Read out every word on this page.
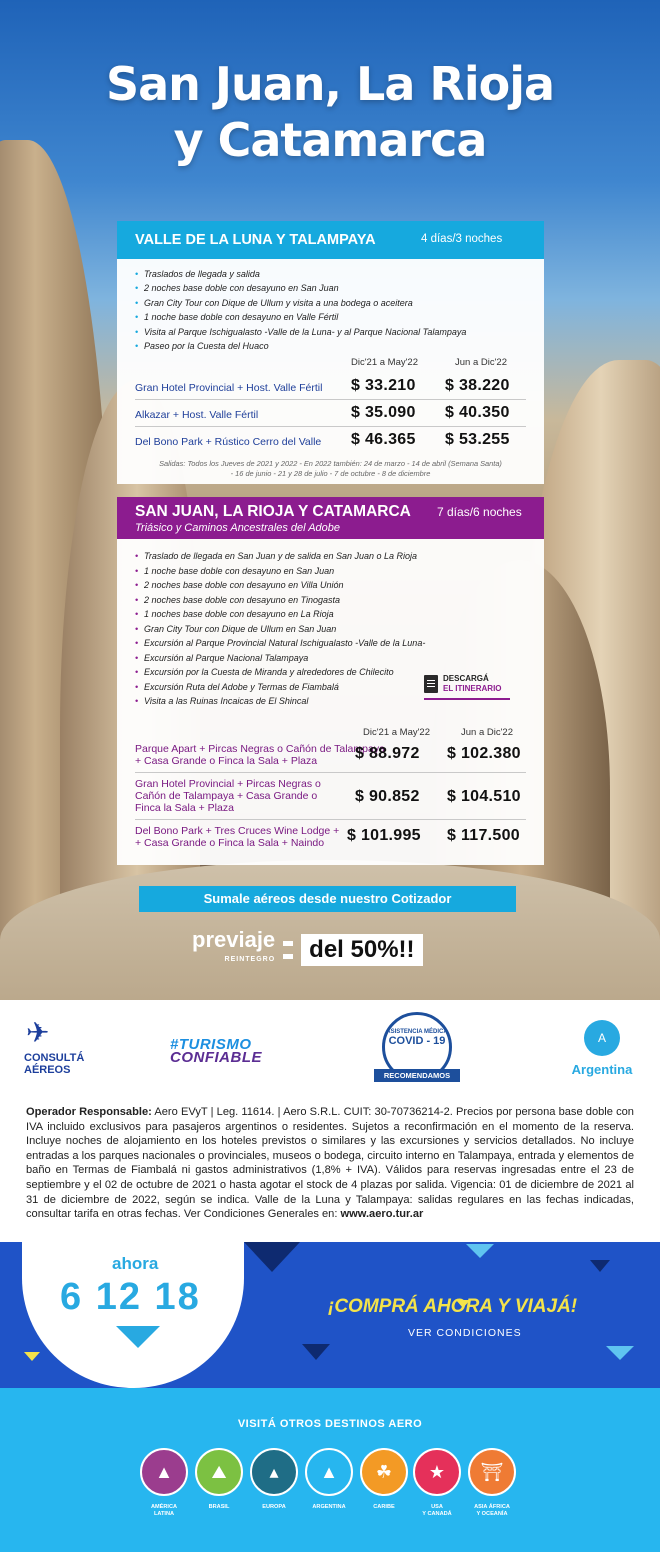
San Juan, La Rioja
y Catamarca
VALLE DE LA LUNA Y TALAMPAYA	4 días/3 noches
• Traslados de llegada y salida
• 2 noches base doble con desayuno en San Juan
• Gran City Tour con Dique de Ullum y visita a una bodega o aceitera
• 1 noche base doble con desayuno en Valle Fértil
• Visita al Parque Ischigualasto -Valle de la Luna- y al Parque Nacional Talampaya
• Paseo por la Cuesta del Huaco
Dic'21 a May'22	Jun a Dic'22
Gran Hotel Provincial + Host. Valle Fértil $ 33.210 $ 38.220
Alkazar + Host. Valle Fértil	$ 35.090 $ 40.350
Del Bono Park + Rústico Cerro del Valle $ 46.365 $ 53.255
Salidas: Todos los Jueves de 2021 y 2022 - En 2022 también: 24 de marzo - 14 de abril (Semana Santa)
- 16 de junio - 21 y 28 de julio - 7 de octubre - 8 de diciembre
SAN JUAN, LA RIOJA Y CATAMARCA
Triásico y Caminos Ancestrales del Adobe
7 días/6 noches
• Traslado de llegada en San Juan y de salida en San Juan o La Rioja
• 1 noche base doble con desayuno en San Juan
• 2 noches base doble con desayuno en Villa Unión
• 2 noches base doble con desayuno en Tinogasta
• 1 noches base doble con desayuno en La Rioja
• Gran City Tour con Dique de Ullum en San Juan
• Excursión al Parque Provincial Natural Ischigualasto -Valle de la Luna-
• Excursión al Parque Nacional Talampaya
• Excursión por la Cuesta de Miranda y alrededores de Chilecito
• Excursión Ruta del Adobe y Termas de Fiambalá
• Visita a las Ruinas Incaicas de El Shincal
DESCARGÁ
EL ITINERARIO
Dic'21 a May'22	Jun a Dic'22
Parque Apart + Pircas Negras o Cañón de Talampaya
+ Casa Grande o Finca la Sala + Plaza	$ 88.972 $ 102.380
Gran Hotel Provincial + Pircas Negras o
Cañón de Talampaya + Casa Grande o
Finca la Sala + Plaza
$ 90.852 $ 104.510
Del Bono Park + Tres Cruces Wine Lodge +
+ Casa Grande o Finca la Sala + Naindo	$ 101.995 $ 117.500
Sumale aéreos desde nuestro Cotizador
previaje
REINTEGRO	del 50%!!
✈
CONSULTÁ
AÉREOS
#TURISMO
CONFIABLE
ASISTENCIA MÉDICA
COVID - 19
RECOMENDAMOS
A
Argentina

Operador Responsable: Aero EVyT | Leg. 11614. | Aero S.R.L. CUIT: 30-70736214-2. Precios por persona base doble con IVA incluido exclusivos para pasajeros argentinos o residentes. Sujetos a reconfirmación en el momento de la reserva. Incluye noches de alojamiento en los hoteles previstos o similares y las excursiones y servicios detallados. No incluye entradas a los parques nacionales o provinciales, museos o bodega, circuito interno en Talampaya, entrada y elementos de baño en Termas de Fiambalá ni gastos administrativos (1,8% + IVA). Válidos para reservas ingresadas entre el 23 de septiembre y el 02 de octubre de 2021 o hasta agotar el stock de 4 plazas por salida. Vigencia: 01 de diciembre de 2021 al 31 de diciembre de 2022, según se indica. Valle de la Luna y Talampaya: salidas regulares en las fechas indicadas, consultar tarifa en otras fechas. Ver Condiciones Generales en: www.aero.tur.ar

ahora
6 12 18	¡COMPRÁ AHORA Y VIAJÁ!
VER CONDICIONES
VISITÁ OTROS DESTINOS AERO
▲
AMÉRICA
LATINA
⛰
BRASIL
▴
EUROPA
▲
ARGENTINA
☘
CARIBE
★
USA
Y CANADÁ
⛩
ASIA ÁFRICA
Y OCEANÍA
